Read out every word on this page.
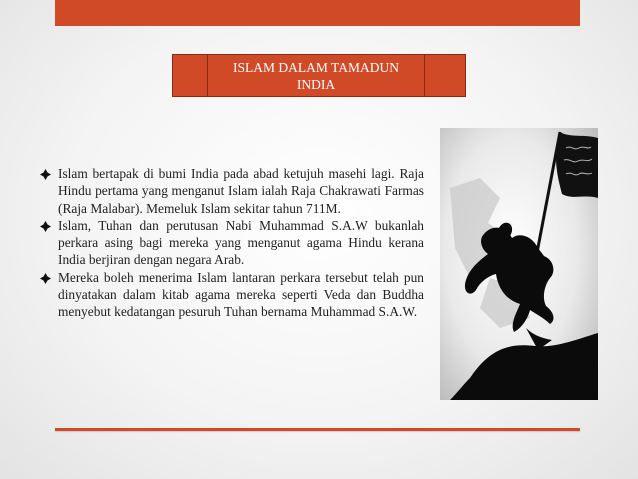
ISLAM DALAM TAMADUN
INDIA
Islam bertapak di bumi India pada abad ketujuh masehi lagi. Raja Hindu pertama yang menganut Islam ialah Raja Chakrawati Farmas (Raja Malabar). Memeluk Islam sekitar tahun 711M.
Islam, Tuhan dan perutusan Nabi Muhammad S.A.W bukanlah perkara asing bagi mereka yang menganut agama Hindu kerana India berjiran dengan negara Arab.
Mereka boleh menerima Islam lantaran perkara tersebut telah pun dinyatakan dalam kitab agama mereka seperti Veda dan Buddha menyebut kedatangan pesuruh Tuhan bernama Muhammad S.A.W.
